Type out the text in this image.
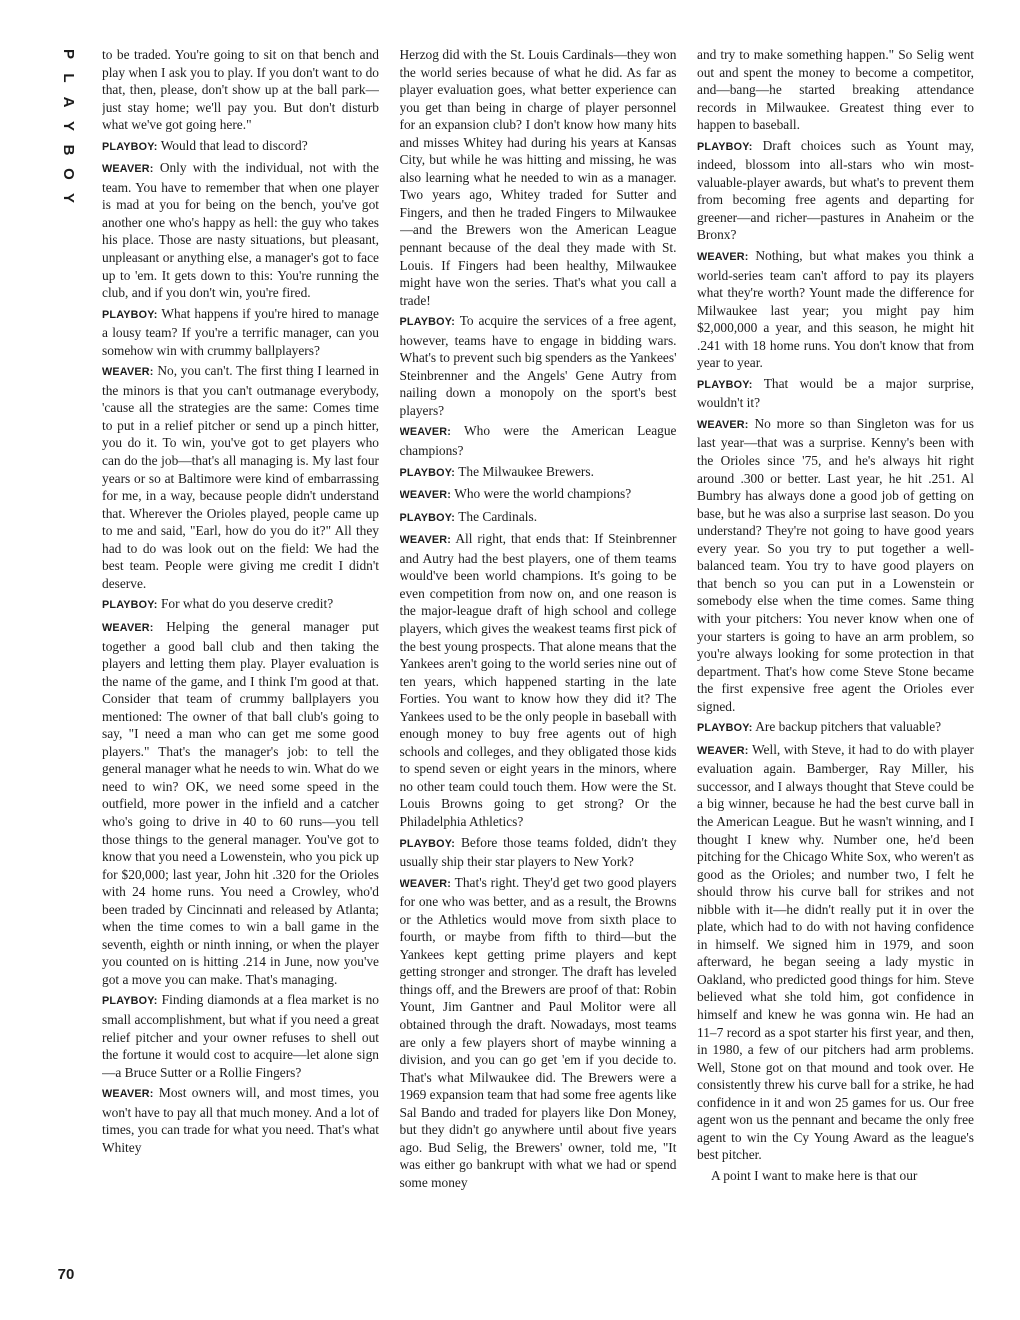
P
L
A
Y
B
O
Y

to be traded. You're going to sit on that bench and play when I ask you to play. If you don't want to do that, then, please, don't show up at the ball park—just stay home; we'll pay you. But don't disturb what we've got going here."

PLAYBOY: Would that lead to discord?

WEAVER: Only with the individual, not with the team. You have to remember that when one player is mad at you for being on the bench, you've got another one who's happy as hell: the guy who takes his place. Those are nasty situations, but pleasant, unpleasant or anything else, a manager's got to face up to 'em. It gets down to this: You're running the club, and if you don't win, you're fired.

PLAYBOY: What happens if you're hired to manage a lousy team? If you're a terrific manager, can you somehow win with crummy ballplayers?

WEAVER: No, you can't. The first thing I learned in the minors is that you can't outmanage everybody, 'cause all the strategies are the same: Comes time to put in a relief pitcher or send up a pinch hitter, you do it. To win, you've got to get players who can do the job—that's all managing is. My last four years or so at Baltimore were kind of embarrassing for me, in a way, because people didn't understand that. Wherever the Orioles played, people came up to me and said, "Earl, how do you do it?" All they had to do was look out on the field: We had the best team. People were giving me credit I didn't deserve.

PLAYBOY: For what do you deserve credit?

WEAVER: Helping the general manager put together a good ball club and then taking the players and letting them play. Player evaluation is the name of the game, and I think I'm good at that. Consider that team of crummy ballplayers you mentioned: The owner of that ball club's going to say, "I need a man who can get me some good players." That's the manager's job: to tell the general manager what he needs to win. What do we need to win? OK, we need some speed in the outfield, more power in the infield and a catcher who's going to drive in 40 to 60 runs—you tell those things to the general manager. You've got to know that you need a Lowenstein, who you pick up for $20,000; last year, John hit .320 for the Orioles with 24 home runs. You need a Crowley, who'd been traded by Cincinnati and released by Atlanta; when the time comes to win a ball game in the seventh, eighth or ninth inning, or when the player you counted on is hitting .214 in June, now you've got a move you can make. That's managing.

PLAYBOY: Finding diamonds at a flea market is no small accomplishment, but what if you need a great relief pitcher and your owner refuses to shell out the fortune it would cost to acquire—let alone sign—a Bruce Sutter or a Rollie Fingers?

WEAVER: Most owners will, and most times, you won't have to pay all that much money. And a lot of times, you can trade for what you need. That's what Whitey

Herzog did with the St. Louis Cardinals—they won the world series because of what he did. As far as player evaluation goes, what better experience can you get than being in charge of player personnel for an expansion club? I don't know how many hits and misses Whitey had during his years at Kansas City, but while he was hitting and missing, he was also learning what he needed to win as a manager. Two years ago, Whitey traded for Sutter and Fingers, and then he traded Fingers to Milwaukee—and the Brewers won the American League pennant because of the deal they made with St. Louis. If Fingers had been healthy, Milwaukee might have won the series. That's what you call a trade!

PLAYBOY: To acquire the services of a free agent, however, teams have to engage in bidding wars. What's to prevent such big spenders as the Yankees' Steinbrenner and the Angels' Gene Autry from nailing down a monopoly on the sport's best players?

WEAVER: Who were the American League champions?

PLAYBOY: The Milwaukee Brewers.

WEAVER: Who were the world champions?

PLAYBOY: The Cardinals.

WEAVER: All right, that ends that: If Steinbrenner and Autry had the best players, one of them teams would've been world champions. It's going to be even competition from now on, and one reason is the major-league draft of high school and college players, which gives the weakest teams first pick of the best young prospects. That alone means that the Yankees aren't going to the world series nine out of ten years, which happened starting in the late Forties. You want to know how they did it? The Yankees used to be the only people in baseball with enough money to buy free agents out of high schools and colleges, and they obligated those kids to spend seven or eight years in the minors, where no other team could touch them. How were the St. Louis Browns going to get strong? Or the Philadelphia Athletics?

PLAYBOY: Before those teams folded, didn't they usually ship their star players to New York?

WEAVER: That's right. They'd get two good players for one who was better, and as a result, the Browns or the Athletics would move from sixth place to fourth, or maybe from fifth to third—but the Yankees kept getting prime players and kept getting stronger and stronger. The draft has leveled things off, and the Brewers are proof of that: Robin Yount, Jim Gantner and Paul Molitor were all obtained through the draft. Nowadays, most teams are only a few players short of maybe winning a division, and you can go get 'em if you decide to. That's what Milwaukee did. The Brewers were a 1969 expansion team that had some free agents like Sal Bando and traded for players like Don Money, but they didn't go anywhere until about five years ago. Bud Selig, the Brewers' owner, told me, "It was either go bankrupt with what we had or spend some money

and try to make something happen." So Selig went out and spent the money to become a competitor, and—bang—he started breaking attendance records in Milwaukee. Greatest thing ever to happen to baseball.

PLAYBOY: Draft choices such as Yount may, indeed, blossom into all-stars who win most-valuable-player awards, but what's to prevent them from becoming free agents and departing for greener—and richer—pastures in Anaheim or the Bronx?

WEAVER: Nothing, but what makes you think a world-series team can't afford to pay its players what they're worth? Yount made the difference for Milwaukee last year; you might pay him $2,000,000 a year, and this season, he might hit .241 with 18 home runs. You don't know that from year to year.

PLAYBOY: That would be a major surprise, wouldn't it?

WEAVER: No more so than Singleton was for us last year—that was a surprise. Kenny's been with the Orioles since '75, and he's always hit right around .300 or better. Last year, he hit .251. Al Bumbry has always done a good job of getting on base, but he was also a surprise last season. Do you understand? They're not going to have good years every year. So you try to put together a well-balanced team. You try to have good players on that bench so you can put in a Lowenstein or somebody else when the time comes. Same thing with your pitchers: You never know when one of your starters is going to have an arm problem, so you're always looking for some protection in that department. That's how come Steve Stone became the first expensive free agent the Orioles ever signed.

PLAYBOY: Are backup pitchers that valuable?

WEAVER: Well, with Steve, it had to do with player evaluation again. Bamberger, Ray Miller, his successor, and I always thought that Steve could be a big winner, because he had the best curve ball in the American League. But he wasn't winning, and I thought I knew why. Number one, he'd been pitching for the Chicago White Sox, who weren't as good as the Orioles; and number two, I felt he should throw his curve ball for strikes and not nibble with it—he didn't really put it in over the plate, which had to do with not having confidence in himself. We signed him in 1979, and soon afterward, he began seeing a lady mystic in Oakland, who predicted good things for him. Steve believed what she told him, got confidence in himself and knew he was gonna win. He had an 11–7 record as a spot starter his first year, and then, in 1980, a few of our pitchers had arm problems. Well, Stone got on that mound and took over. He consistently threw his curve ball for a strike, he had confidence in it and won 25 games for us. Our free agent won us the pennant and became the only free agent to win the Cy Young Award as the league's best pitcher.

A point I want to make here is that our

70
